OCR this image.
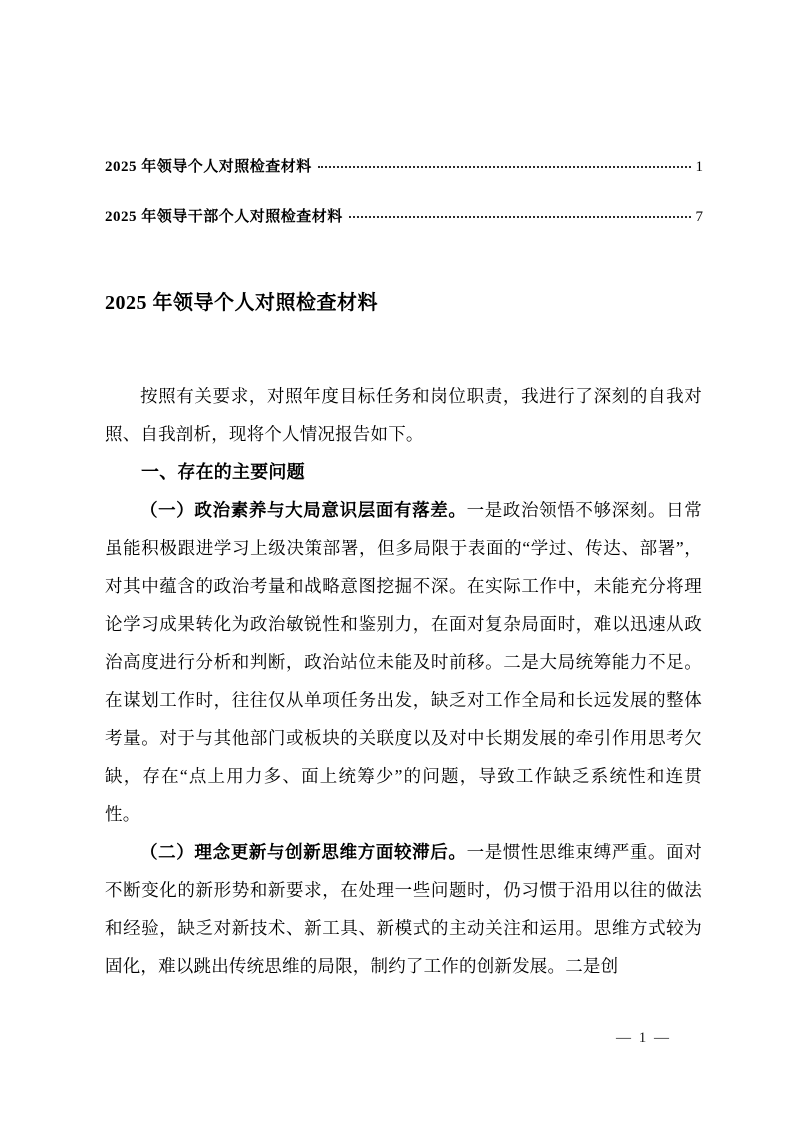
2025 年领导个人对照检查材料	1
2025 年领导干部个人对照检查材料	7
2025 年领导个人对照检查材料

按照有关要求，对照年度目标任务和岗位职责，我进行了深刻的自我对照、自我剖析，现将个人情况报告如下。

一、存在的主要问题

（一）政治素养与大局意识层面有落差。一是政治领悟不够深刻。日常虽能积极跟进学习上级决策部署，但多局限于表面的“学过、传达、部署”，对其中蕴含的政治考量和战略意图挖掘不深。在实际工作中，未能充分将理论学习成果转化为政治敏锐性和鉴别力，在面对复杂局面时，难以迅速从政治高度进行分析和判断，政治站位未能及时前移。二是大局统筹能力不足。在谋划工作时，往往仅从单项任务出发，缺乏对工作全局和长远发展的整体考量。对于与其他部门或板块的关联度以及对中长期发展的牵引作用思考欠缺，存在“点上用力多、面上统筹少”的问题，导致工作缺乏系统性和连贯性。

（二）理念更新与创新思维方面较滞后。一是惯性思维束缚严重。面对不断变化的新形势和新要求，在处理一些问题时，仍习惯于沿用以往的做法和经验，缺乏对新技术、新工具、新模式的主动关注和运用。思维方式较为固化，难以跳出传统思维的局限，制约了工作的创新发展。二是创

— 1 —
